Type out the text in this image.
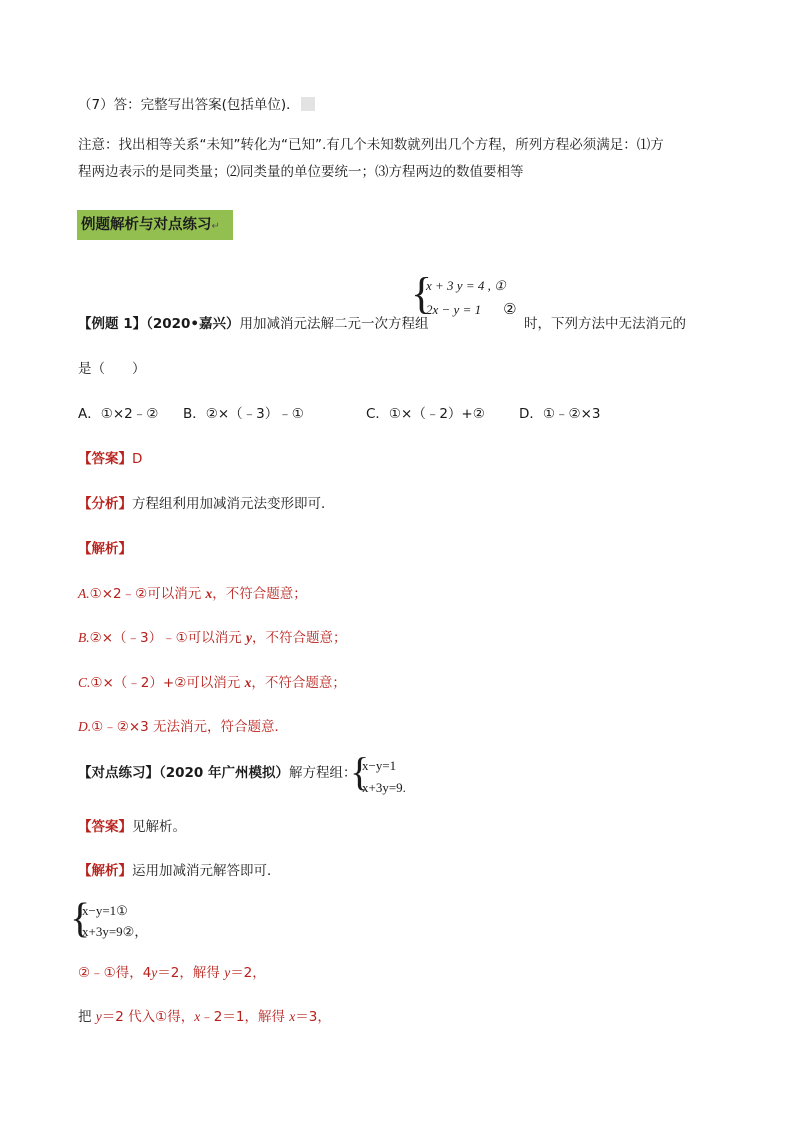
（7）答：完整写出答案(包括单位)．
注意：找出相等关系“未知”转化为“已知”.有几个未知数就列出几个方程，所列方程必须满足：⑴方
程两边表示的是同类量；⑵同类量的单位要统一；⑶方程两边的数值要相等
例题解析与对点练习↵
{
x + 3 y = 4 , ①
2x − y = 1 ②
【例题 1】（2020•嘉兴）用加减消元法解二元一次方程组	时，下列方法中无法消元的
是（　　）
A．①×2﹣② B．②×（﹣3）﹣①	C．①×（﹣2）+②	D．①﹣②×3
【答案】D
【分析】方程组利用加减消元法变形即可．
【解析】
A.①×2﹣②可以消元 x，不符合题意；
B.②×（﹣3）﹣①可以消元 y，不符合题意；
C.①×（﹣2）+②可以消元 x，不符合题意；
D.①﹣②×3 无法消元，符合题意．
【对点练习】（2020 年广州模拟）解方程组：
{
x−y=1
x+3y=9.
【答案】见解析。
【解析】运用加减消元解答即可．
{
x−y=1①
x+3y=9②，
②﹣①得，4y＝2，解得 y＝2，
把 y＝2 代入①得，x﹣2＝1，解得 x＝3，
